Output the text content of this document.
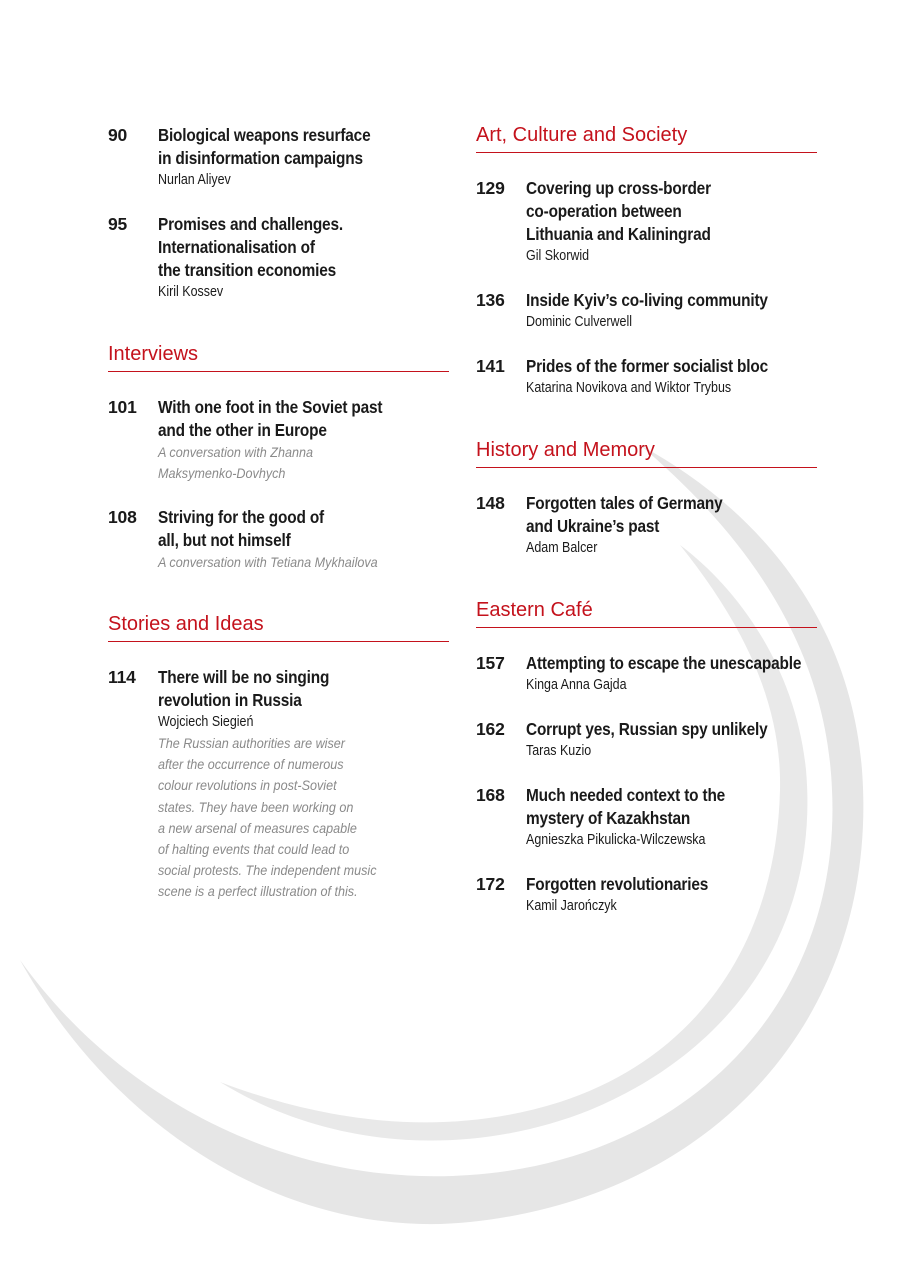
90	Biological weapons resurface
in disinformation campaigns
Nurlan Aliyev
95	Promises and challenges.
Internationalisation of
the transition economies
Kiril Kossev
Interviews
101	With one foot in the Soviet past
and the other in Europe
A conversation with Zhanna
Maksymenko-Dovhych
108	Striving for the good of
all, but not himself
A conversation with Tetiana Mykhailova
Stories and Ideas
114	There will be no singing
revolution in Russia
Wojciech Siegień
The Russian authorities are wiser
after the occurrence of numerous
colour revolutions in post-Soviet
states. They have been working on
a new arsenal of measures capable
of halting events that could lead to
social protests. The independent music
scene is a perfect illustration of this.
Art, Culture and Society
129	Covering up cross-border
co-operation between
Lithuania and Kaliningrad
Gil Skorwid
136	Inside Kyiv’s co-living community
Dominic Culverwell
141	Prides of the former socialist bloc
Katarina Novikova and Wiktor Trybus
History and Memory
148	Forgotten tales of Germany
and Ukraine’s past
Adam Balcer
Eastern Café
157	Attempting to escape the unescapable
Kinga Anna Gajda
162	Corrupt yes, Russian spy unlikely
Taras Kuzio
168	Much needed context to the
mystery of Kazakhstan
Agnieszka Pikulicka-Wilczewska
172	Forgotten revolutionaries
Kamil Jarończyk
